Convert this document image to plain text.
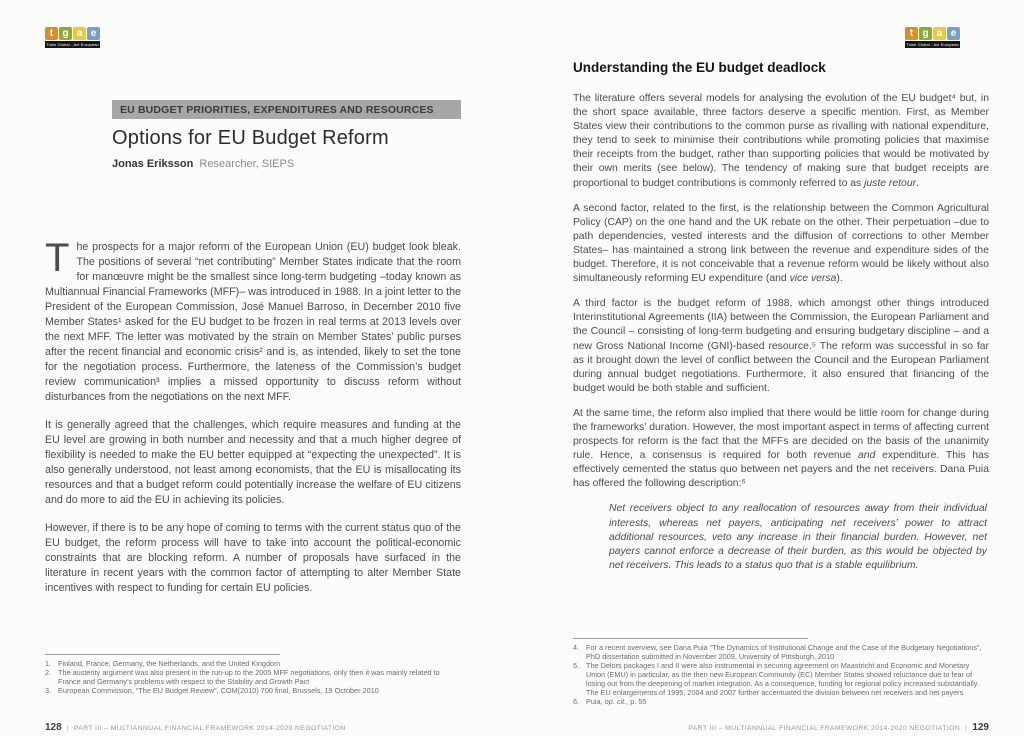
t g a e
Think Global - Act European
EU BUDGET PRIORITIES, EXPENDITURES AND RESOURCES
Options for EU Budget Reform
Jonas Eriksson Researcher, SIEPS

The prospects for a major reform of the European Union (EU) budget look bleak. The positions of several “net contributing” Member States indicate that the room for manœuvre might be the smallest since long-term budgeting –today known as Multiannual Financial Frameworks (MFF)– was introduced in 1988. In a joint letter to the President of the European Commission, José Manuel Barroso, in December 2010 five Member States¹ asked for the EU budget to be frozen in real terms at 2013 levels over the next MFF. The letter was motivated by the strain on Member States’ public purses after the recent financial and economic crisis² and is, as intended, likely to set the tone for the negotiation process. Furthermore, the lateness of the Commission’s budget review communication³ implies a missed opportunity to discuss reform without disturbances from the negotiations on the next MFF.

It is generally agreed that the challenges, which require measures and funding at the EU level are growing in both number and necessity and that a much higher degree of flexibility is needed to make the EU better equipped at “expecting the unexpected”. It is also generally understood, not least among economists, that the EU is misallocating its resources and that a budget reform could potentially increase the welfare of EU citizens and do more to aid the EU in achieving its policies.

However, if there is to be any hope of coming to terms with the current status quo of the EU budget, the reform process will have to take into account the political-economic constraints that are blocking reform. A number of proposals have surfaced in the literature in recent years with the common factor of attempting to alter Member State incentives with respect to funding for certain EU policies.

1. Finland, France, Germany, the Netherlands, and the United Kingdom
2. The austerity argument was also present in the run-up to the 2005 MFF negotiations, only then it was mainly related to France and Germany’s problems with respect to the Stability and Growth Pact
3. European Commission, “The EU Budget Review”, COM(2010) 700 final, Brussels, 19 October 2010
128 | PART III – MULTIANNUAL FINANCIAL FRAMEWORK 2014-2020 NEGOTIATION
t g a e
Think Global - Act European
Understanding the EU budget deadlock

The literature offers several models for analysing the evolution of the EU budget⁴ but, in the short space available, three factors deserve a specific mention. First, as Member States view their contributions to the common purse as rivalling with national expenditure, they tend to seek to minimise their contributions while promoting policies that maximise their receipts from the budget, rather than supporting policies that would be motivated by their own merits (see below). The tendency of making sure that budget receipts are proportional to budget contributions is commonly referred to as juste retour.

A second factor, related to the first, is the relationship between the Common Agricultural Policy (CAP) on the one hand and the UK rebate on the other. Their perpetuation –due to path dependencies, vested interests and the diffusion of corrections to other Member States– has maintained a strong link between the revenue and expenditure sides of the budget. Therefore, it is not conceivable that a revenue reform would be likely without also simultaneously reforming EU expenditure (and vice versa).

A third factor is the budget reform of 1988, which amongst other things introduced Interinstitutional Agreements (IIA) between the Commission, the European Parliament and the Council – consisting of long-term budgeting and ensuring budgetary discipline – and a new Gross National Income (GNI)-based resource.⁵ The reform was successful in so far as it brought down the level of conflict between the Council and the European Parliament during annual budget negotiations. Furthermore, it also ensured that financing of the budget would be both stable and sufficient.

At the same time, the reform also implied that there would be little room for change during the frameworks’ duration. However, the most important aspect in terms of affecting current prospects for reform is the fact that the MFFs are decided on the basis of the unanimity rule. Hence, a consensus is required for both revenue and expenditure. This has effectively cemented the status quo between net payers and the net receivers. Dana Puia has offered the following description:⁶

Net receivers object to any reallocation of resources away from their individual interests, whereas net payers, anticipating net receivers’ power to attract additional resources, veto any increase in their financial burden. However, net payers cannot enforce a decrease of their burden, as this would be objected by net receivers. This leads to a status quo that is a stable equilibrium.
4. For a recent overview, see Dana Puia “The Dynamics of Institutional Change and the Case of the Budgetary Negotiations”, PhD dissertation submitted in November 2009, University of Pittsburgh, 2010
5. The Delors packages I and II were also instrumental in securing agreement on Maastricht and Economic and Monetary Union (EMU) in particular, as the then new European Community (EC) Member States showed reluctance due to fear of losing out from the deepening of market integration. As a consequence, funding for regional policy increased substantially. The EU enlargements of 1995, 2004 and 2007 further accentuated the division between net receivers and net payers
6. Puia, op. cit., p. 55
PART III – MULTIANNUAL FINANCIAL FRAMEWORK 2014-2020 NEGOTIATION | 129
